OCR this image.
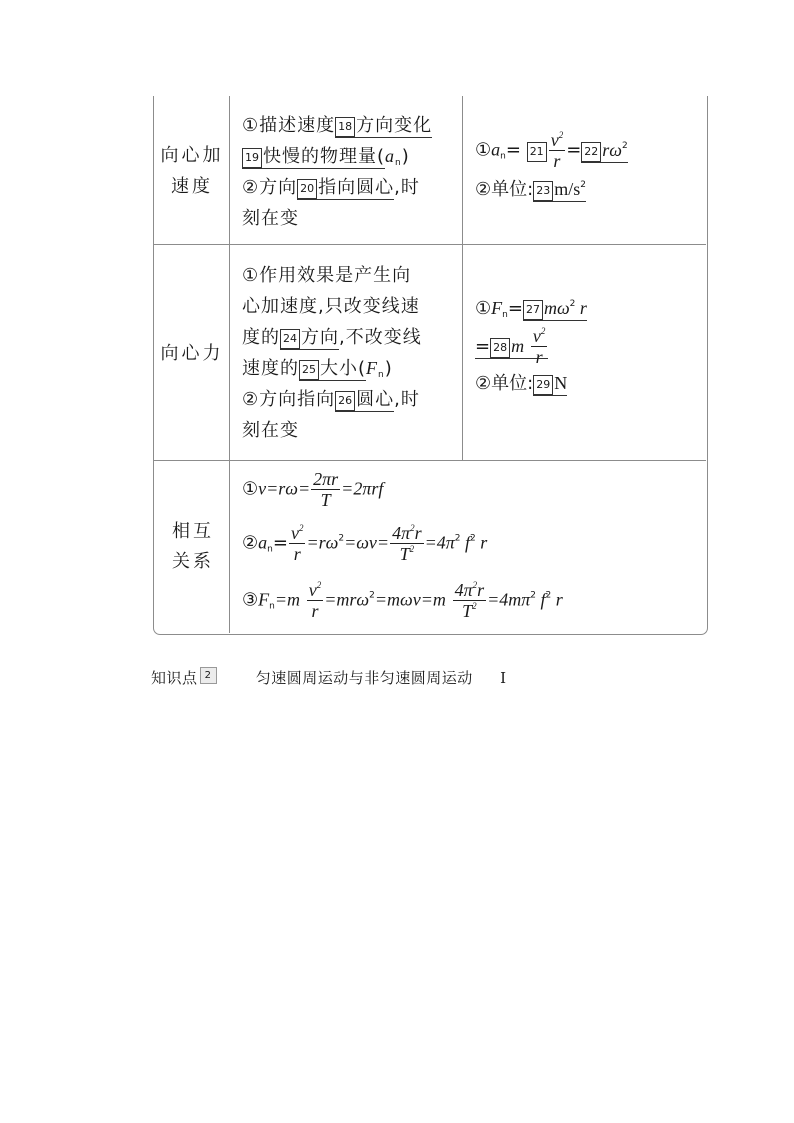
向心加速度
①描述速度 18 方向变化
19 快慢的物理量$(a_n)$
②方向 20 指向圆心,时
刻在变
$①a_n= 21 \frac{v^2}{r} = 22$ $r\omega^2$
②单位: 23 $m/s^2$
向心力
①作用效果是产生向
心加速度,只改变线速
度的 24 方向,不改变线
速度的 25 大小$(F_n)$
②方向指向 26 圆心,时
刻在变
$①F_n= 27$ $m\omega^2$ r
= 28 m $\frac{v^2}{r}$
②单位: 29 N
相互关系
①v=rω= $\frac{2\pi r}{T} =2\pi rf$
$②a_n= \frac{v^2}{r} =r\omega^2=\omega v= \frac{4\pi^2r}{T^2} =4\pi^2$ $f^2$ r
$③F_n=m \frac{v^2}{r} =mr\omega^2=m\omega v=m \frac{4\pi^2r}{T^2} =4m\pi^2$ $f^2$ r
知识点 2	匀速圆周运动与非匀速圆周运动 Ⅰ
